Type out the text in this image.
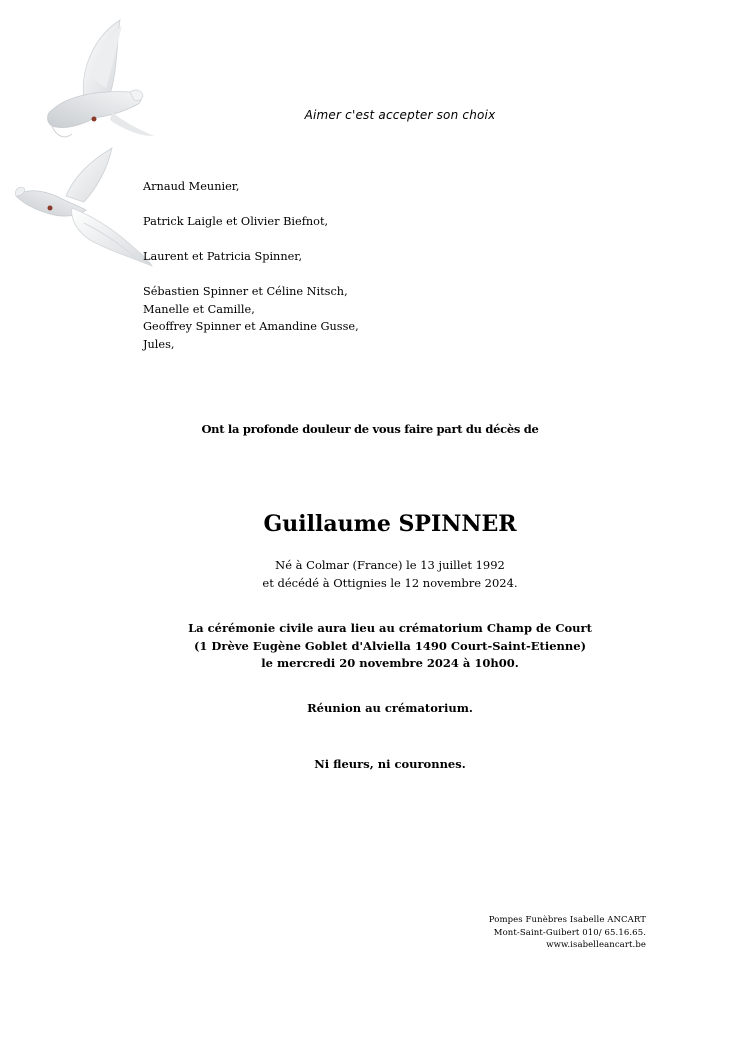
Aimer c'est accepter son choix
Arnaud Meunier,
Patrick Laigle et Olivier Biefnot,
Laurent et Patricia Spinner,
Sébastien Spinner et Céline Nitsch,
Manelle et Camille,
Geoffrey Spinner et Amandine Gusse,
Jules,
Ont la profonde douleur de vous faire part du décès de
Guillaume SPINNER
Né à Colmar (France) le 13 juillet 1992
et décédé à Ottignies le 12 novembre 2024.
La cérémonie civile aura lieu au crématorium Champ de Court
(1 Drève Eugène Goblet d'Alviella 1490 Court-Saint-Etienne)
le mercredi 20 novembre 2024 à 10h00.
Réunion au crématorium.
Ni fleurs, ni couronnes.
Pompes Funèbres Isabelle ANCART
Mont-Saint-Guibert 010/ 65.16.65.
www.isabelleancart.be
